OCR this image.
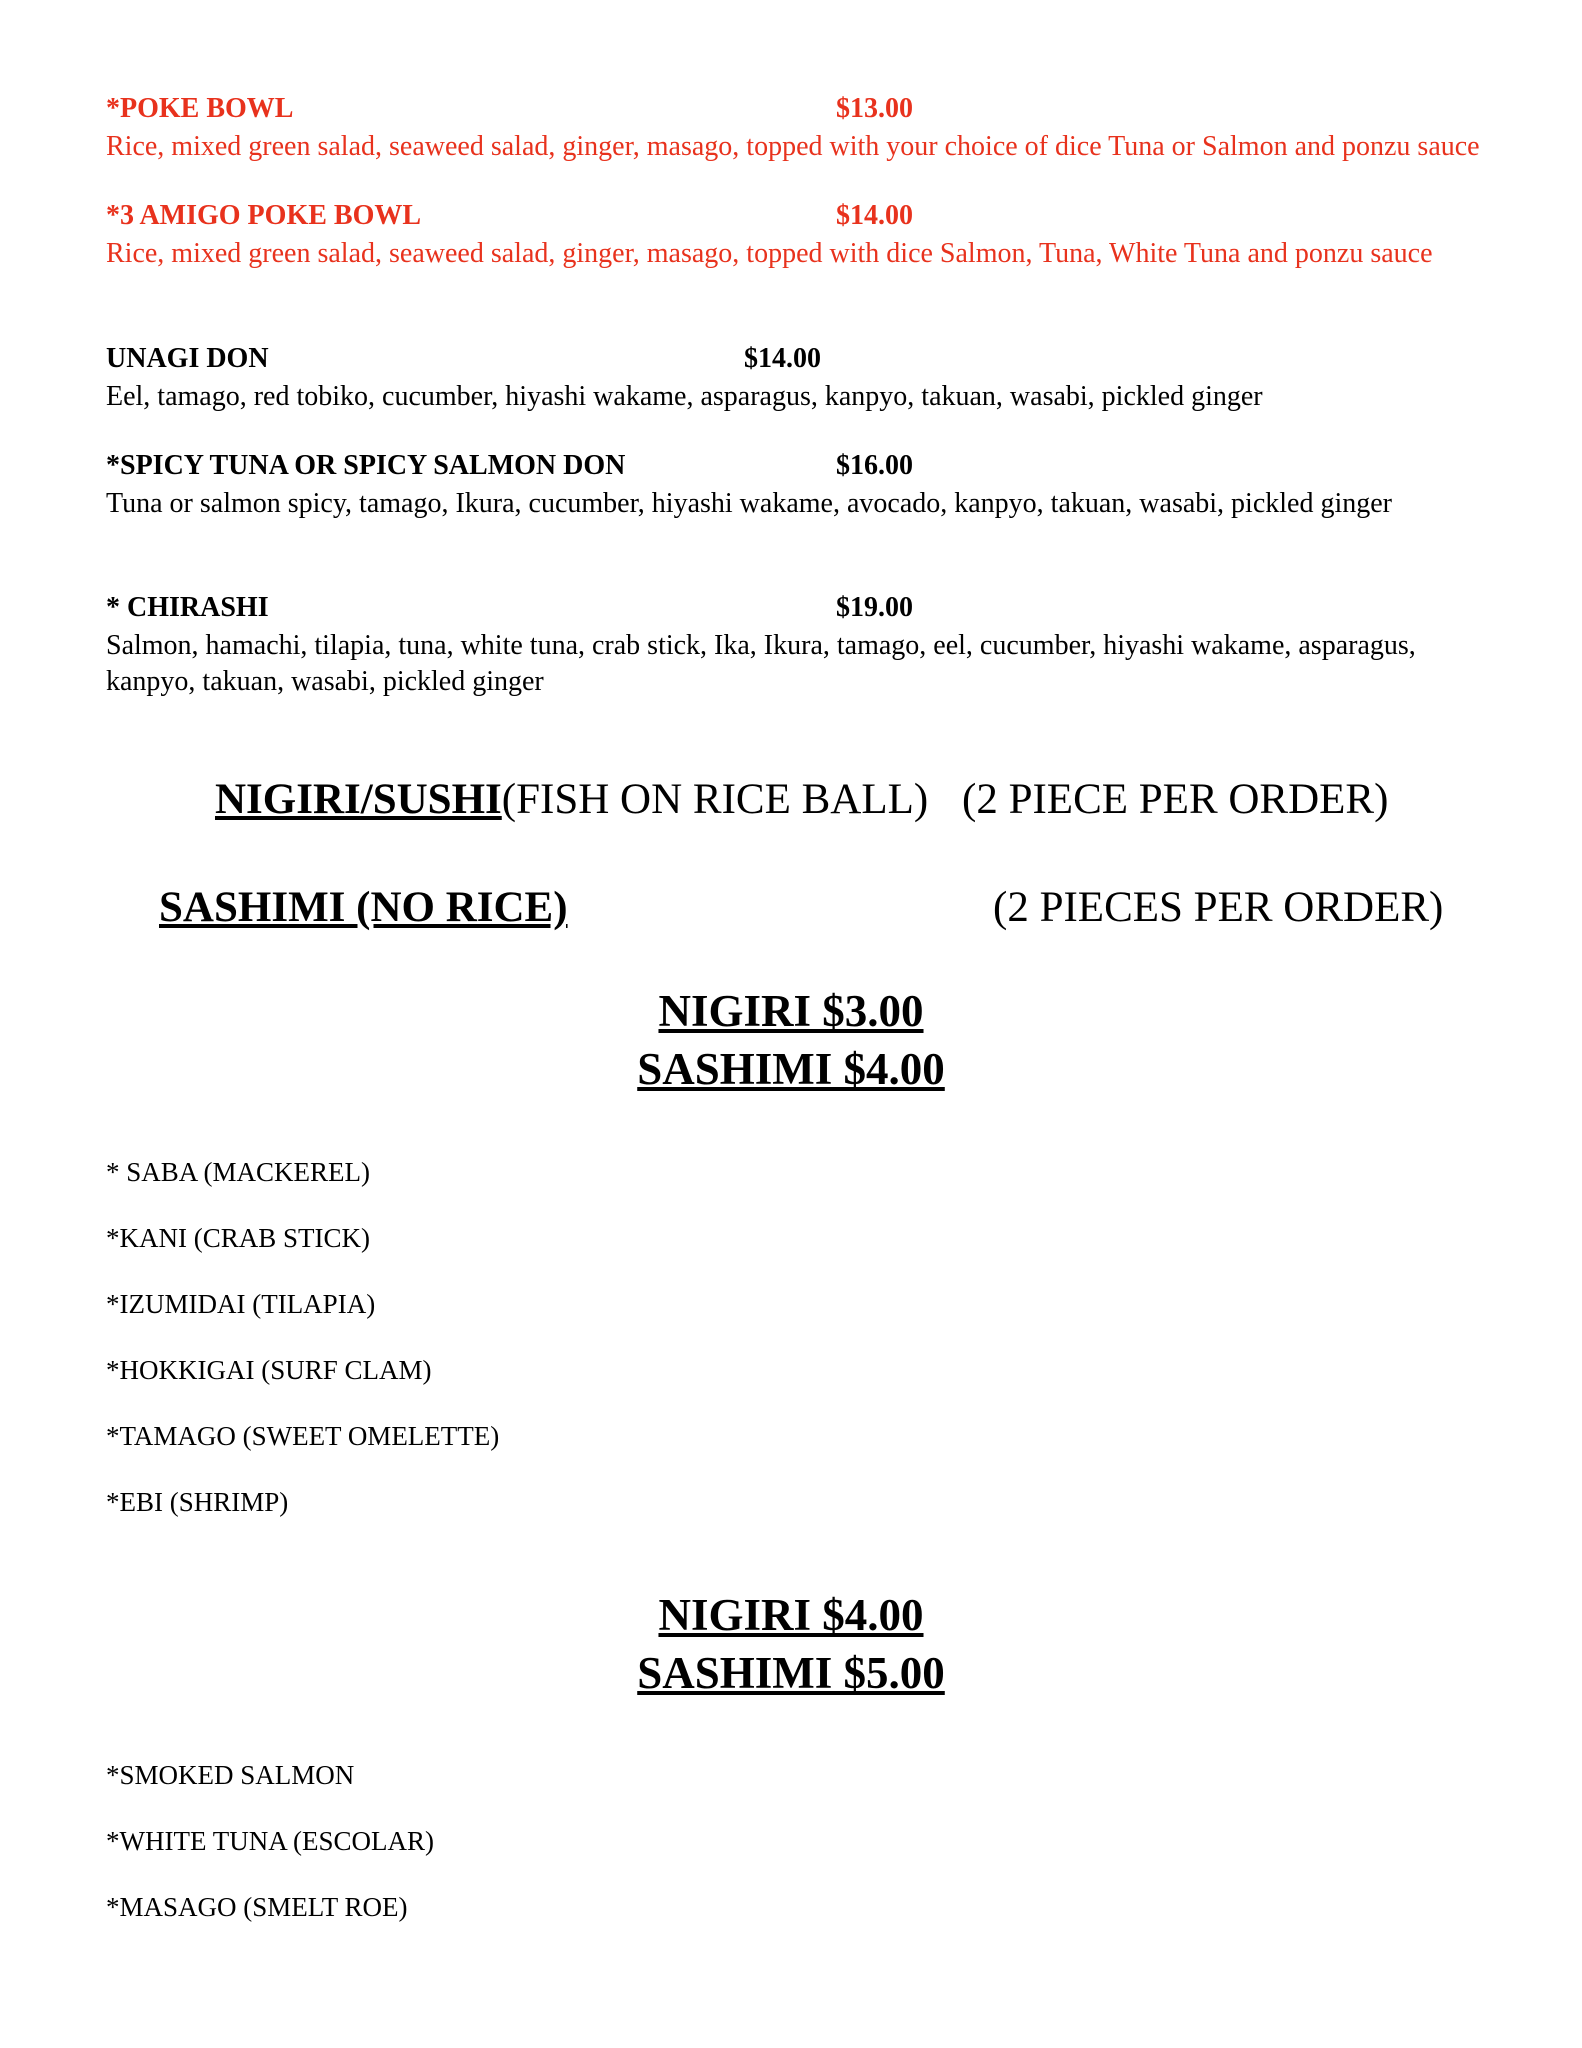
*POKE BOWL	$13.00
Rice, mixed green salad, seaweed salad, ginger, masago, topped with your choice of dice Tuna or Salmon and ponzu sauce
*3 AMIGO POKE BOWL	$14.00
Rice, mixed green salad, seaweed salad, ginger, masago, topped with dice Salmon, Tuna, White Tuna and ponzu sauce
UNAGI DON	$14.00
Eel, tamago, red tobiko, cucumber, hiyashi wakame, asparagus, kanpyo, takuan, wasabi, pickled ginger
*SPICY TUNA OR SPICY SALMON DON	$16.00
Tuna or salmon spicy, tamago, Ikura, cucumber, hiyashi wakame, avocado, kanpyo, takuan, wasabi, pickled ginger
* CHIRASHI	$19.00
Salmon, hamachi, tilapia, tuna, white tuna, crab stick, Ika, Ikura, tamago, eel, cucumber, hiyashi wakame, asparagus, kanpyo, takuan, wasabi, pickled ginger
NIGIRI/SUSHI(FISH ON RICE BALL) (2 PIECE PER ORDER)
SASHIMI (NO RICE)	(2 PIECES PER ORDER)
NIGIRI $3.00
SASHIMI $4.00
* SABA (MACKEREL)
*KANI (CRAB STICK)
*IZUMIDAI (TILAPIA)
*HOKKIGAI (SURF CLAM)
*TAMAGO (SWEET OMELETTE)
*EBI (SHRIMP)
NIGIRI $4.00
SASHIMI $5.00
*SMOKED SALMON
*WHITE TUNA (ESCOLAR)
*MASAGO (SMELT ROE)
